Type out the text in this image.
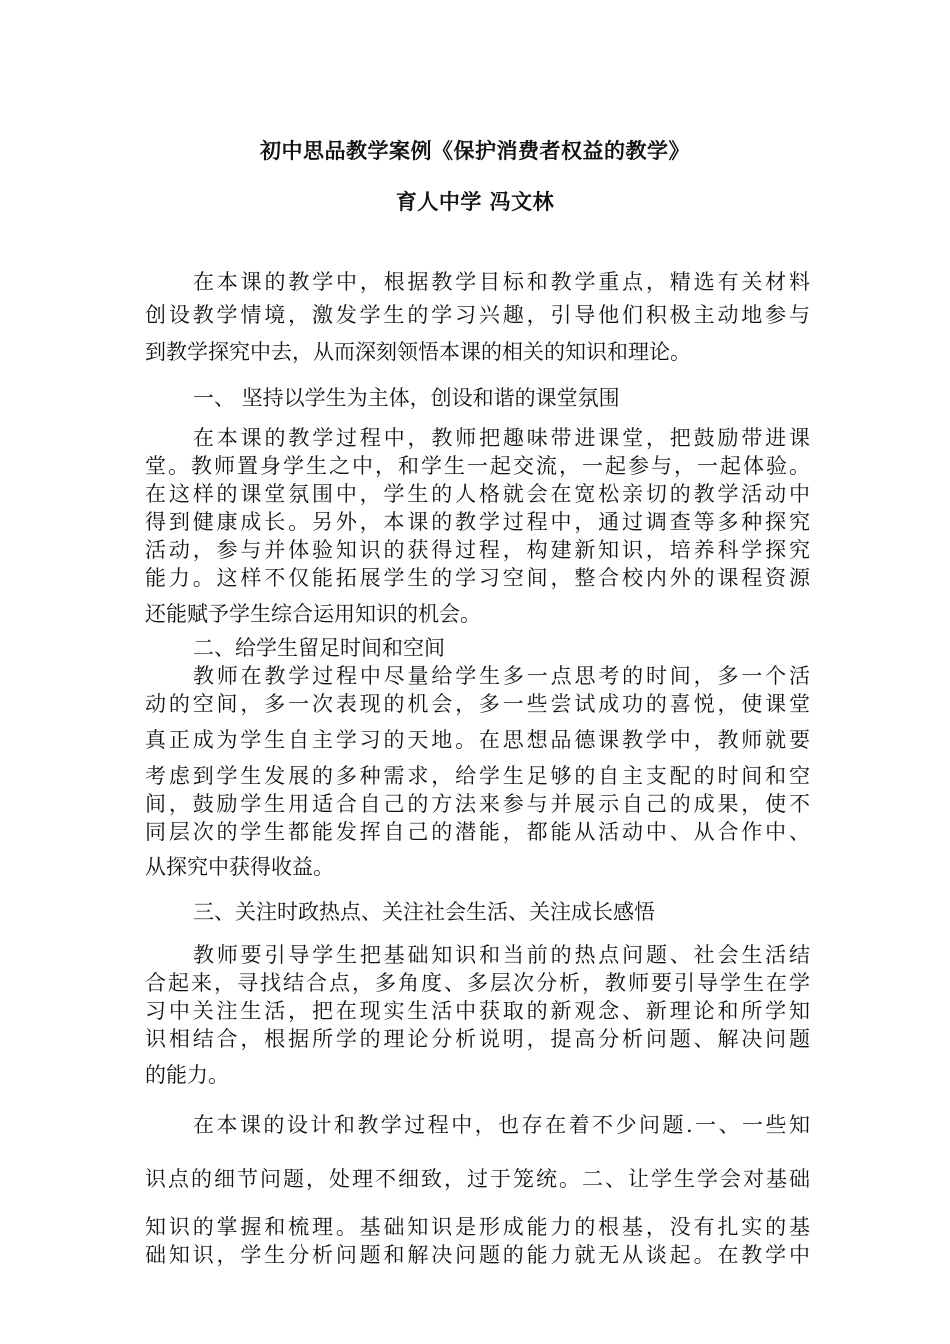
初中思品教学案例《保护消费者权益的教学》
育人中学 冯文林

在本课的教学中，根据教学目标和教学重点，精选有关材料

创设教学情境，激发学生的学习兴趣，引导他们积极主动地参与

到教学探究中去，从而深刻领悟本课的相关的知识和理论。

一、 坚持以学生为主体，创设和谐的课堂氛围

在本课的教学过程中，教师把趣味带进课堂，把鼓励带进课

堂。教师置身学生之中，和学生一起交流，一起参与，一起体验。

在这样的课堂氛围中，学生的人格就会在宽松亲切的教学活动中

得到健康成长。另外，本课的教学过程中，通过调查等多种探究

活动，参与并体验知识的获得过程，构建新知识，培养科学探究

能力。这样不仅能拓展学生的学习空间，整合校内外的课程资源

还能赋予学生综合运用知识的机会。

二、给学生留足时间和空间

教师在教学过程中尽量给学生多一点思考的时间，多一个活

动的空间，多一次表现的机会，多一些尝试成功的喜悦，使课堂

真正成为学生自主学习的天地。在思想品德课教学中，教师就要

考虑到学生发展的多种需求，给学生足够的自主支配的时间和空

间，鼓励学生用适合自己的方法来参与并展示自己的成果，使不

同层次的学生都能发挥自己的潜能，都能从活动中、从合作中、

从探究中获得收益。

三、关注时政热点、关注社会生活、关注成长感悟

教师要引导学生把基础知识和当前的热点问题、社会生活结

合起来，寻找结合点，多角度、多层次分析，教师要引导学生在学

习中关注生活，把在现实生活中获取的新观念、新理论和所学知

识相结合，根据所学的理论分析说明，提高分析问题、解决问题

的能力。

在本课的设计和教学过程中，也存在着不少问题.一、一些知

识点的细节问题，处理不细致，过于笼统。二、让学生学会对基础

知识的掌握和梳理。基础知识是形成能力的根基，没有扎实的基

础知识，学生分析问题和解决问题的能力就无从谈起。在教学中
